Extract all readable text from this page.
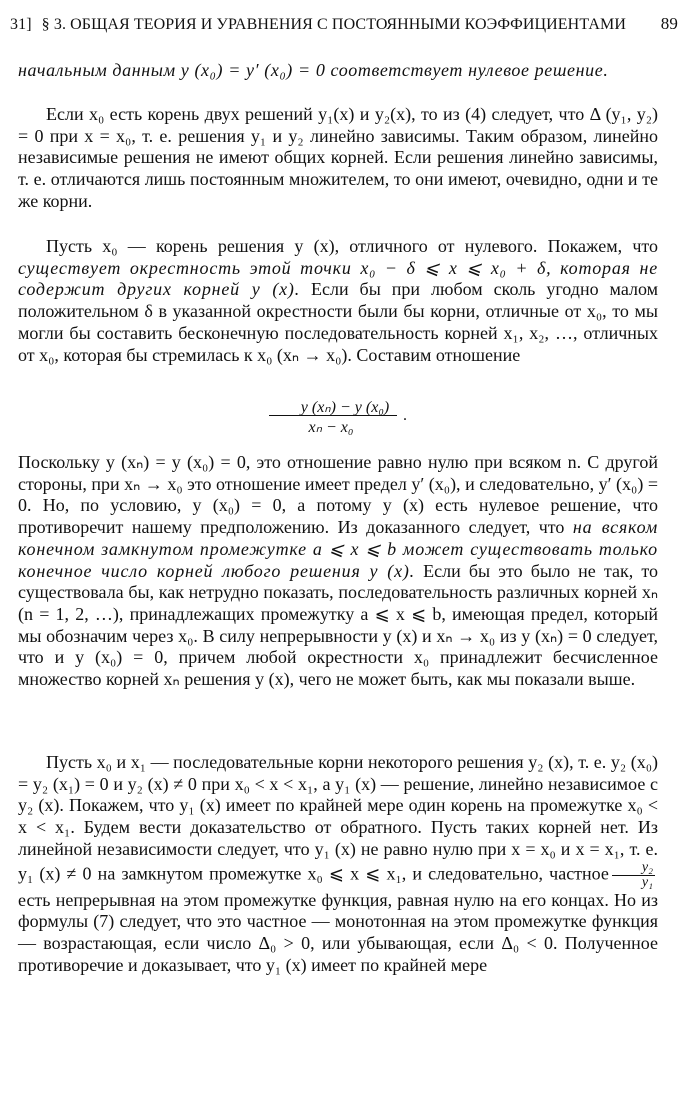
31] § 3. ОБЩАЯ ТЕОРИЯ И УРАВНЕНИЯ С ПОСТОЯННЫМИ КОЭФФИЦИЕНТАМИ	89
начальным данным y (x₀) = y′ (x₀) = 0 соответствует нулевое решение.
Если x₀ есть корень двух решений y₁(x) и y₂(x), то из (4) следует, что Δ (y₁, y₂) = 0 при x = x₀, т. е. решения y₁ и y₂ линейно зависимы. Таким образом, линейно независимые решения не имеют общих корней. Если решения линейно зависимы, т. е. отличаются лишь постоянным множителем, то они имеют, очевидно, одни и те же корни.
Пусть x₀ — корень решения y (x), отличного от нулевого. Покажем, что существует окрестность этой точки x₀ − δ ⩽ x ⩽ x₀ + δ, которая не содержит других корней y (x). Если бы при любом сколь угодно малом положительном δ в указанной окрестности были бы корни, отличные от x₀, то мы могли бы составить бесконечную последовательность корней x₁, x₂, …, отличных от x₀, которая бы стремилась к x₀ (xₙ → x₀). Составим отношение
y (xₙ) − y (x₀)
xₙ − x₀
.
Поскольку y (xₙ) = y (x₀) = 0, это отношение равно нулю при всяком n. С другой стороны, при xₙ → x₀ это отношение имеет предел y′ (x₀), и следовательно, y′ (x₀) = 0. Но, по условию, y (x₀) = 0, а потому y (x) есть нулевое решение, что противоречит нашему предположению. Из доказанного следует, что на всяком конечном замкнутом промежутке a ⩽ x ⩽ b может существовать только конечное число корней любого решения y (x). Если бы это было не так, то существовала бы, как нетрудно показать, последовательность различных корней xₙ (n = 1, 2, …), принадлежащих промежутку a ⩽ x ⩽ b, имеющая предел, который мы обозначим через x₀. В силу непрерывности y (x) и xₙ → x₀ из y (xₙ) = 0 следует, что и y (x₀) = 0, причем любой окрестности x₀ принадлежит бесчисленное множество корней xₙ решения y (x), чего не может быть, как мы показали выше.
Пусть x₀ и x₁ — последовательные корни некоторого решения y₂ (x), т. е. y₂ (x₀) = y₂ (x₁) = 0 и y₂ (x) ≠ 0 при x₀ < x < x₁, а y₁ (x) — решение, линейно независимое с y₂ (x). Покажем, что y₁ (x) имеет по крайней мере один корень на промежутке x₀ < x < x₁. Будем вести доказательство от обратного. Пусть таких корней нет. Из линейной независимости следует, что y₁ (x) не равно нулю при x = x₀ и x = x₁, т. е. y₁ (x) ≠ 0 на замкнутом промежутке x₀ ⩽ x ⩽ x₁, и следовательно, частное $\frac{\text{y₂}}{\text{y₁}}$
есть непрерывная на этом промежутке функция, равная нулю на его концах. Но из формулы (7) следует, что это частное — монотонная на этом промежутке функция — возрастающая, если число Δ₀ > 0, или убывающая, если Δ₀ < 0. Полученное противоречие и доказывает, что y₁ (x) имеет по крайней мере
